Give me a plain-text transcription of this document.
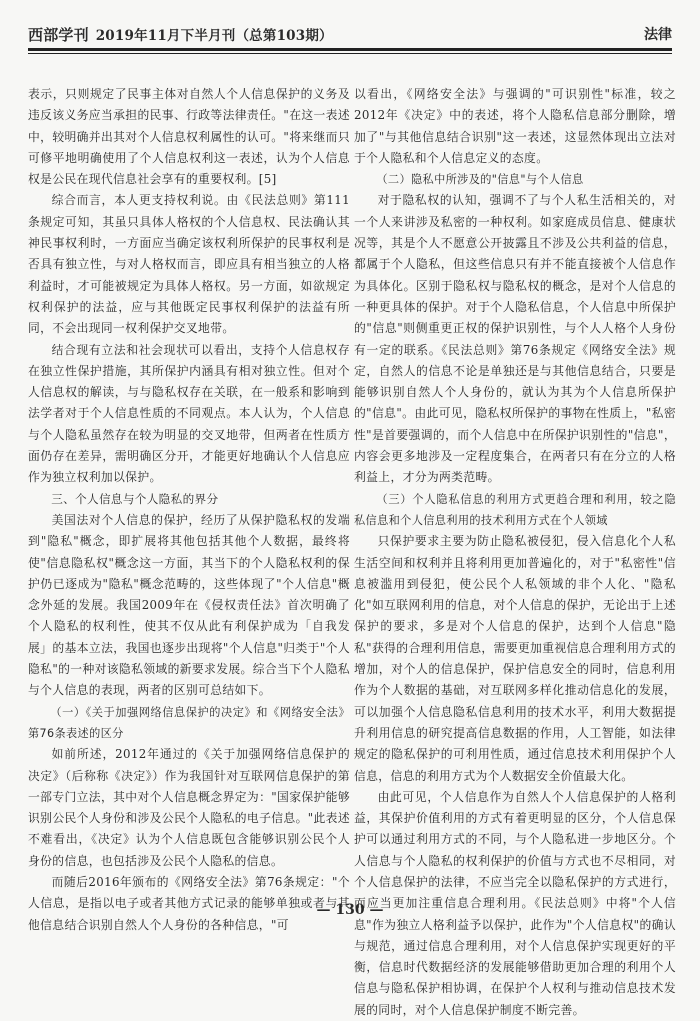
西部学刊 2019年11月下半月刊（总第103期）	法律

表示，只则规定了民事主体对自然人个人信息保护的义务及违反该义务应当承担的民事、行政等法律责任。"在这一表述中，较明确并出其对个人信息权利属性的认可。"将来继而只可修平地明确使用了个人信息权利这一表述，认为个人信息权是公民在现代信息社会享有的重要权利。[5]

综合而言，本人更支持权利说。由《民法总则》第111条规定可知，其虽只具体人格权的个人信息权、民法确认其神民事权利时，一方面应当确定该权利所保护的民事权利是否具有独立性，与对人格权而言，即应具有相当独立的人格利益时，才可能被规定为具体人格权。另一方面，如欲规定权利保护的法益，应与其他既定民事权利保护的法益有所同，不会出现同一权利保护交叉地带。

结合现有立法和社会现状可以看出，支持个人信息权存在独立性保护措施，其所保护内涵具有相对独立性。但对个人信息权的解读，与与隐私权存在关联，在一般系和影响到法学者对于个人信息性质的不同观点。本人认为，个人信息与个人隐私虽然存在较为明显的交叉地带，但两者在性质方面仍存在差异，需明确区分开，才能更好地确认个人信息应作为独立权利加以保护。

三、个人信息与个人隐私的界分

美国法对个人信息的保护，经历了从保护隐私权的发端到"隐私"概念，即扩展将其他包括其他个人数据，最终将使"信息隐私权"概念这一方面，其当下的个人隐私权利的保护仍已逐成为"隐私"概念范畴的，这些体现了"个人信息"概念外延的发展。我国2009年在《侵权责任法》首次明确了个人隐私的权利性，使其不仅从此有利保护成为「自我发展」的基本立法，我国也逐步出现将"个人信息"归类于"个人隐私"的一种对该隐私领域的新要求发展。综合当下个人隐私与个人信息的表现，两者的区别可总结如下。

（一）《关于加强网络信息保护的决定》和《网络安全法》第76条表述的区分

如前所述，2012年通过的《关于加强网络信息保护的决定》（后称称《决定》）作为我国针对互联网信息保护的第一部专门立法，其中对个人信息概念界定为："国家保护能够识别公民个人身份和涉及公民个人隐私的电子信息。"此表述不难看出，《决定》认为个人信息既包含能够识别公民个人身份的信息，也包括涉及公民个人隐私的信息。

而随后2016年颁布的《网络安全法》第76条规定："个人信息，是指以电子或者其他方式记录的能够单独或者与其他信息结合识别自然人个人身份的各种信息，"可

以看出，《网络安全法》与强调的"可识别性"标准，较之2012年《决定》中的表述，将个人隐私信息部分删除，增加了"与其他信息结合识别"这一表述，这显然体现出立法对于个人隐私和个人信息定义的态度。

（二）隐私中所涉及的"信息"与个人信息

对于隐私权的认知，强调不了与个人私生活相关的，对一个人来讲涉及私密的一种权利。如家庭成员信息、健康状况等，其是个人不愿意公开披露且不涉及公共利益的信息，都属于个人隐私，但这些信息只有并不能直接被个人信息作为具体化。区别于隐私权与隐私权的概念，是对个人信息的一种更具体的保护。对于个人隐私信息，个人信息中所保护的"信息"则侧重更正权的保护识别性，与个人人格个人身份有一定的联系。《民法总则》第76条规定《网络安全法》规定，自然人的信息不论是单独还是与其他信息结合，只要是能够识别自然人个人身份的，就认为其为个人信息所保护的"信息"。由此可见，隐私权所保护的事物在性质上，"私密性"是首要强调的，而个人信息中在所保护识别性的"信息"，内容会更多地涉及一定程度集合，在两者只有在分立的人格利益上，才分为两类范畴。

（三）个人隐私信息的利用方式更趋合理和利用，较之隐私信息和个人信息利用的技术利用方式在个人领域

只保护要求主要为防止隐私被侵犯，侵入信息化个人私生活空间和权利并且将利用更加普遍化的，对于"私密性"信息被滥用到侵犯，使公民个人私领域的非个人化、"隐私化"如互联网利用的信息，对个人信息的保护，无论出于上述保护的要求，多是对个人信息的保护，达到个人信息"隐私"获得的合理利用信息，需要更加重视信息合理利用方式的增加，对个人的信息保护，保护信息安全的同时，信息利用作为个人数据的基础，对互联网多样化推动信息化的发展，可以加强个人信息隐私信息利用的技术水平，利用大数据提升利用信息的研究提高信息数据的作用，人工智能，如法律规定的隐私保护的可利用性质，通过信息技术利用保护个人信息，信息的利用方式为个人数据安全价值最大化。

由此可见，个人信息作为自然人个人信息保护的人格利益，其保护价值利用的方式有着更明显的区分，个人信息保护可以通过利用方式的不同，与个人隐私进一步地区分。个人信息与个人隐私的权利保护的价值与方式也不尽相同，对个人信息保护的法律，不应当完全以隐私保护的方式进行，而应当更加注重信息合理利用。《民法总则》中将"个人信息"作为独立人格利益予以保护，此作为"个人信息权"的确认与规范，通过信息合理利用，对个人信息保护实现更好的平衡，信息时代数据经济的发展能够借助更加合理的利用个人信息与隐私保护相协调，在保护个人权利与推动信息技术发展的同时，对个人信息保护制度不断完善。

— 130 —
